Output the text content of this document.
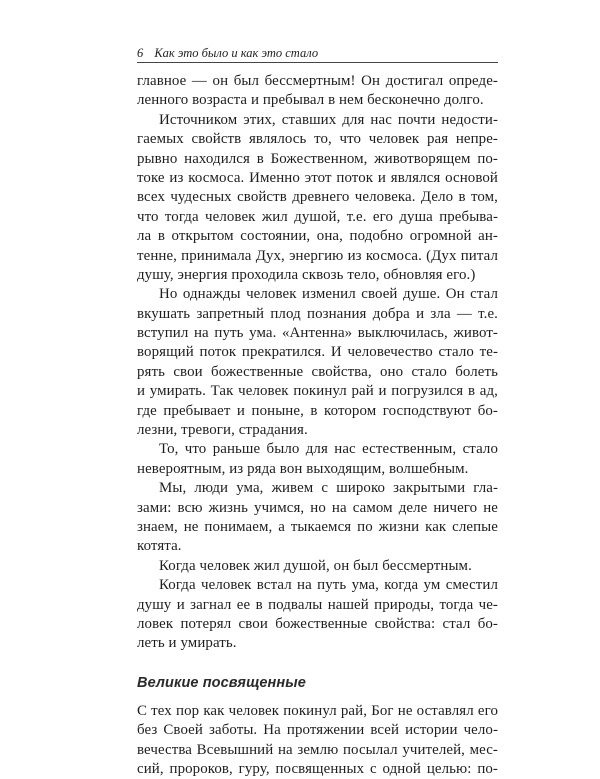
6 Как это было и как это стало
главное — он был бессмертным! Он достигал опреде-
ленного возраста и пребывал в нем бесконечно долго.
Источником этих, ставших для нас почти недости-
гаемых свойств являлось то, что человек рая непре-
рывно находился в Божественном, животворящем по-
токе из космоса. Именно этот поток и являлся основой
всех чудесных свойств древнего человека. Дело в том,
что тогда человек жил душой, т.е. его душа пребыва-
ла в открытом состоянии, она, подобно огромной ан-
тенне, принимала Дух, энергию из космоса. (Дух питал
душу, энергия проходила сквозь тело, обновляя его.)
Но однажды человек изменил своей душе. Он стал
вкушать запретный плод познания добра и зла — т.е.
вступил на путь ума. «Антенна» выключилась, живот-
ворящий поток прекратился. И человечество стало те-
рять свои божественные свойства, оно стало болеть
и умирать. Так человек покинул рай и погрузился в ад,
где пребывает и поныне, в котором господствуют бо-
лезни, тревоги, страдания.
То, что раньше было для нас естественным, стало
невероятным, из ряда вон выходящим, волшебным.
Мы, люди ума, живем с широко закрытыми гла-
зами: всю жизнь учимся, но на самом деле ничего не
знаем, не понимаем, а тыкаемся по жизни как слепые
котята.
Когда человек жил душой, он был бессмертным.
Когда человек встал на путь ума, когда ум сместил
душу и загнал ее в подвалы нашей природы, тогда че-
ловек потерял свои божественные свойства: стал бо-
леть и умирать.
Великие посвященные
С тех пор как человек покинул рай, Бог не оставлял его
без Своей заботы. На протяжении всей истории чело-
вечества Всевышний на землю посылал учителей, мес-
сий, пророков, гуру, посвященных с одной целью: по-
